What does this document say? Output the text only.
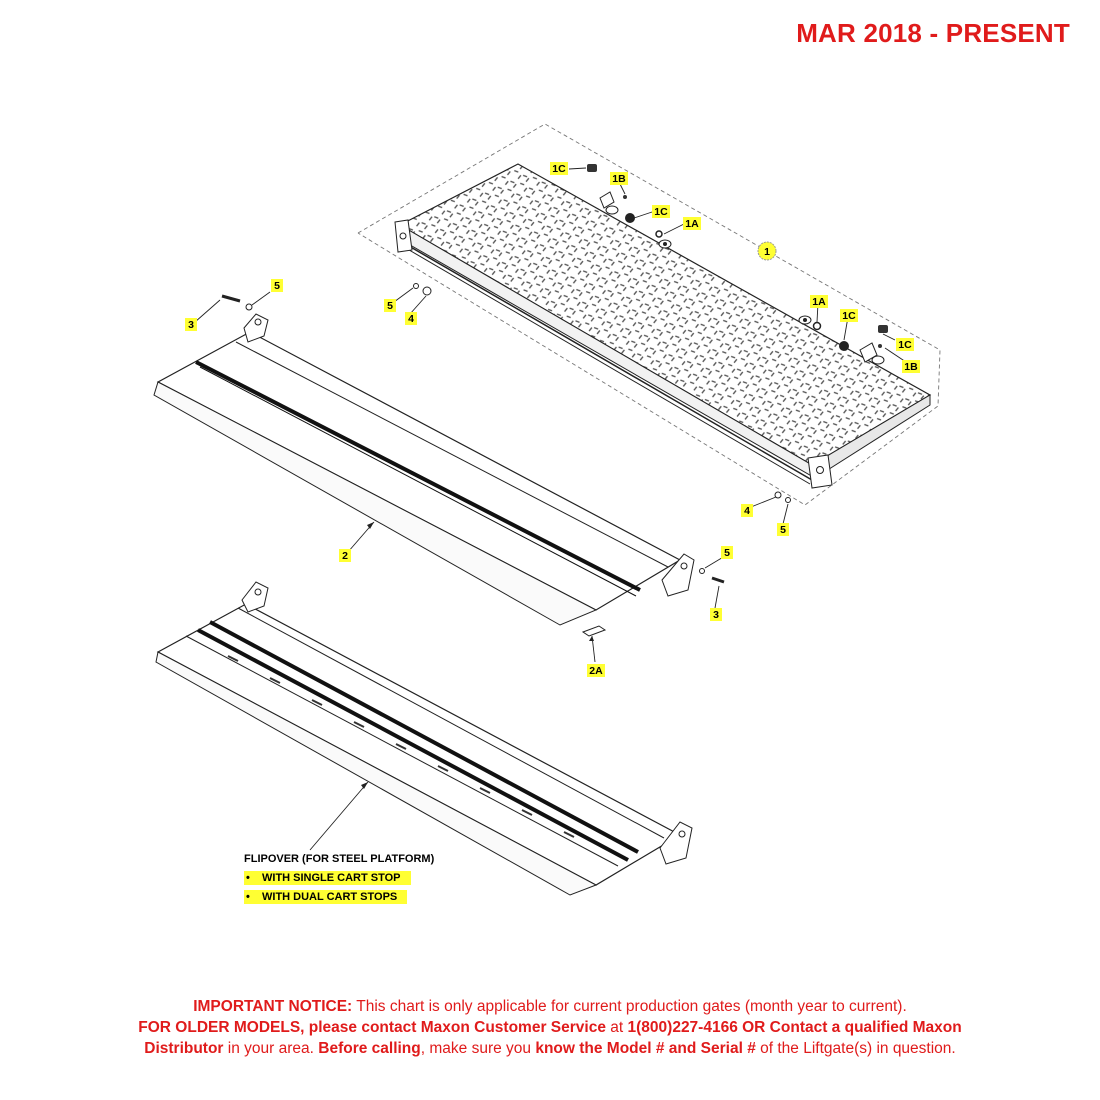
MAR 2018 - PRESENT
1
1C
1B
1C
1A
1A
1C
1C
1B
5
3
5
4
4
5
5
3
2
2A
FLIPOVER (FOR STEEL PLATFORM)
• WITH SINGLE CART STOP
• WITH DUAL CART STOPS
IMPORTANT NOTICE: This chart is only applicable for current production gates (month year to current).
FOR OLDER MODELS, please contact Maxon Customer Service at 1(800)227-4166 OR Contact a qualified Maxon
Distributor in your area. Before calling, make sure you know the Model # and Serial # of the Liftgate(s) in question.
